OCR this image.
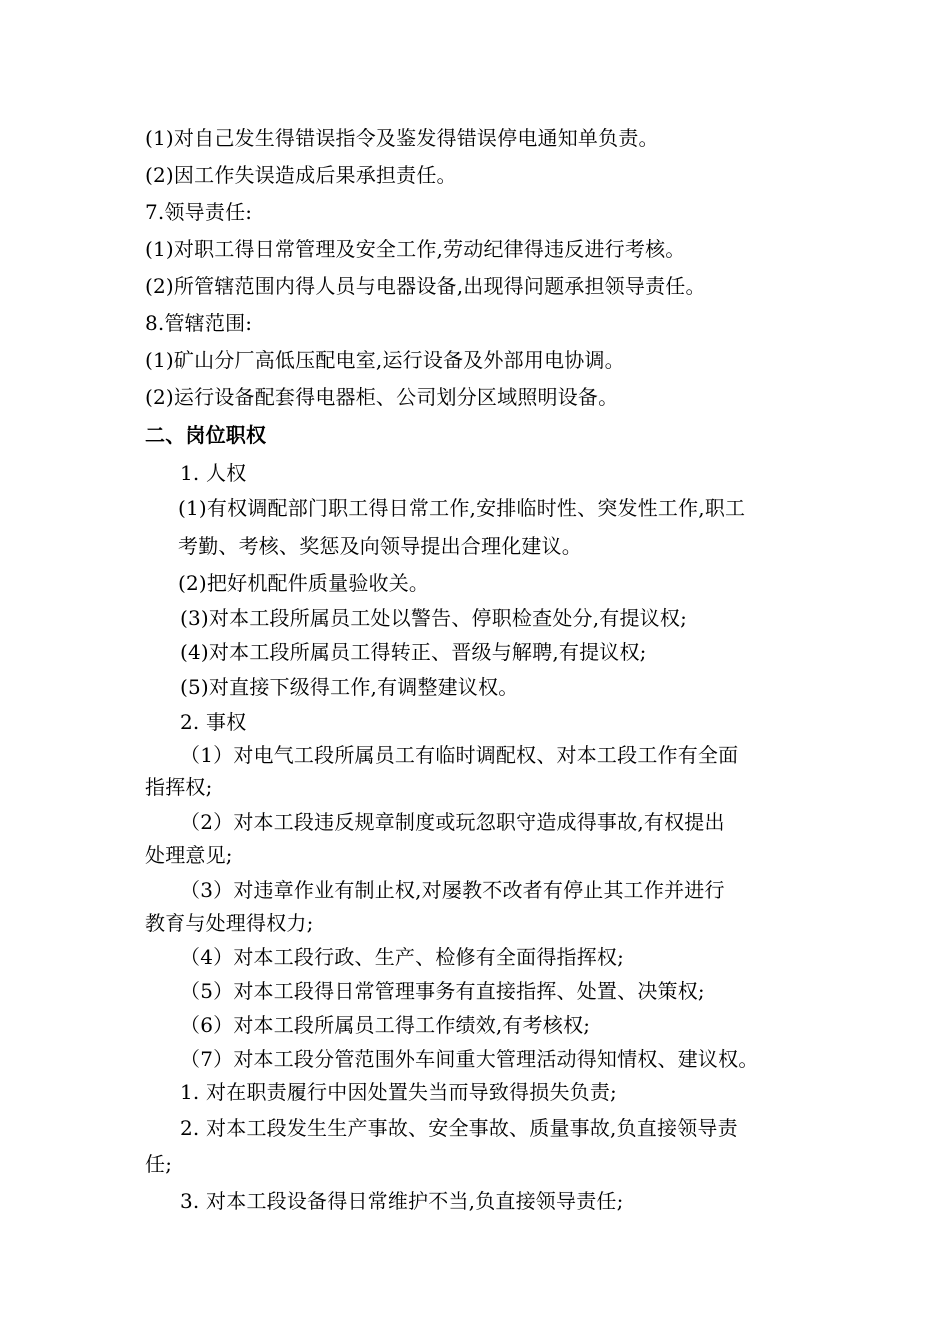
(1)对自己发生得错误指令及鉴发得错误停电通知单负责。
(2)因工作失误造成后果承担责任。
7.领导责任:
(1)对职工得日常管理及安全工作,劳动纪律得违反进行考核。
(2)所管辖范围内得人员与电器设备,出现得问题承担领导责任。
8.管辖范围:
(1)矿山分厂高低压配电室,运行设备及外部用电协调。
(2)运行设备配套得电器柜、公司划分区域照明设备。
二、岗位职权
1. 人权
(1)有权调配部门职工得日常工作,安排临时性、突发性工作,职工
考勤、考核、奖惩及向领导提出合理化建议。
(2)把好机配件质量验收关。
(3)对本工段所属员工处以警告、停职检查处分,有提议权;
(4)对本工段所属员工得转正、晋级与解聘,有提议权;
(5)对直接下级得工作,有调整建议权。
2. 事权
（1）对电气工段所属员工有临时调配权、对本工段工作有全面
指挥权;
（2）对本工段违反规章制度或玩忽职守造成得事故,有权提出
处理意见;
（3）对违章作业有制止权,对屡教不改者有停止其工作并进行
教育与处理得权力;
（4）对本工段行政、生产、检修有全面得指挥权;
（5）对本工段得日常管理事务有直接指挥、处置、决策权;
（6）对本工段所属员工得工作绩效,有考核权;
（7）对本工段分管范围外车间重大管理活动得知情权、建议权。
1. 对在职责履行中因处置失当而导致得损失负责;
2. 对本工段发生生产事故、安全事故、质量事故,负直接领导责
任;
3. 对本工段设备得日常维护不当,负直接领导责任;
